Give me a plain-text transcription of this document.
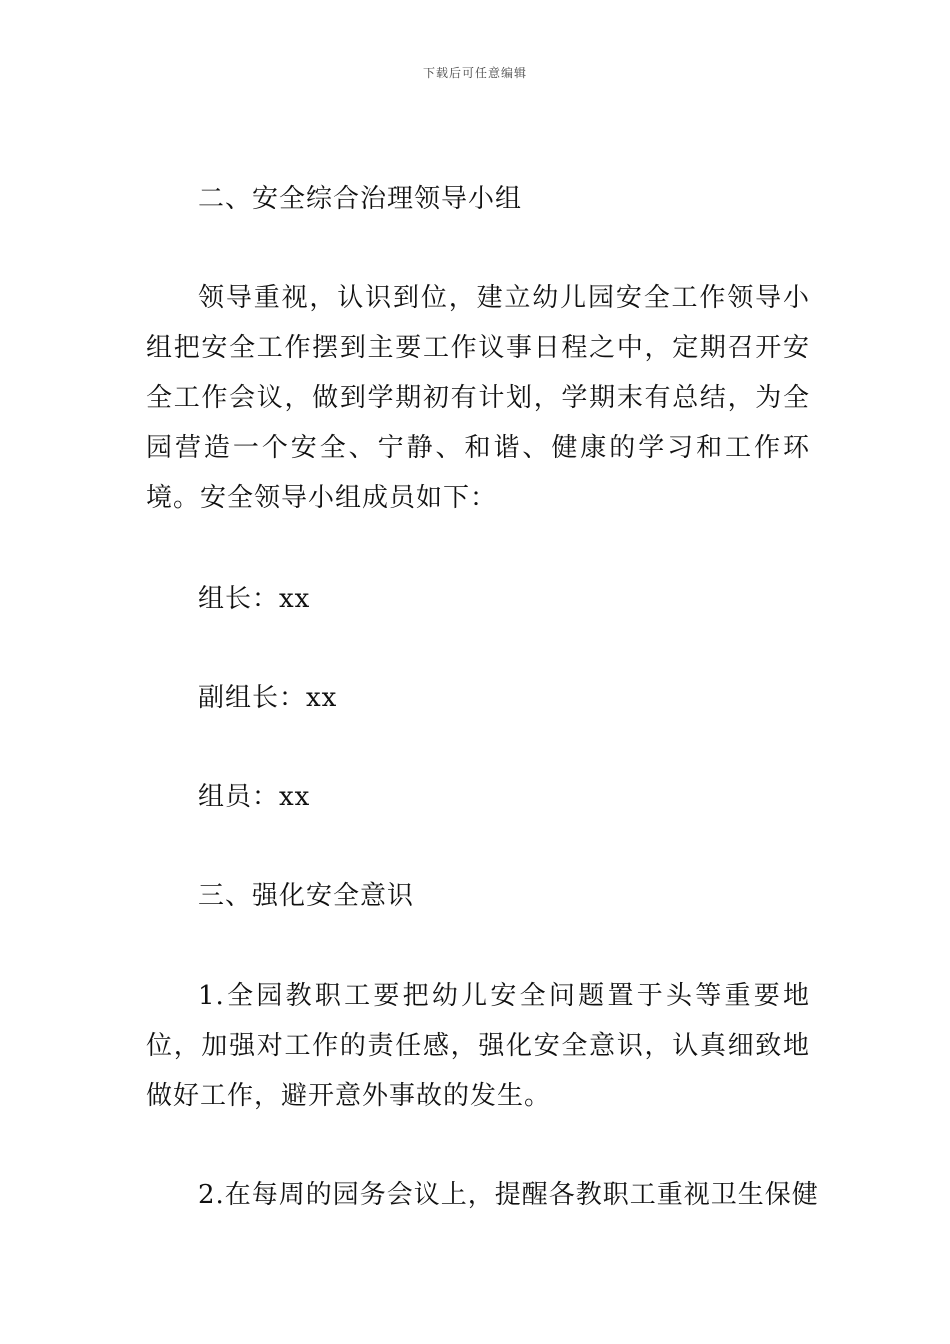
下载后可任意编辑

二、安全综合治理领导小组

领导重视，认识到位，建立幼儿园安全工作领导小组把安全工作摆到主要工作议事日程之中，定期召开安全工作会议，做到学期初有计划，学期末有总结，为全园营造一个安全、宁静、和谐、健康的学习和工作环境。安全领导小组成员如下：

组长：xx

副组长：xx

组员：xx

三、强化安全意识

1.全园教职工要把幼儿安全问题置于头等重要地位，加强对工作的责任感，强化安全意识，认真细致地做好工作，避开意外事故的发生。

2.在每周的园务会议上，提醒各教职工重视卫生保健
